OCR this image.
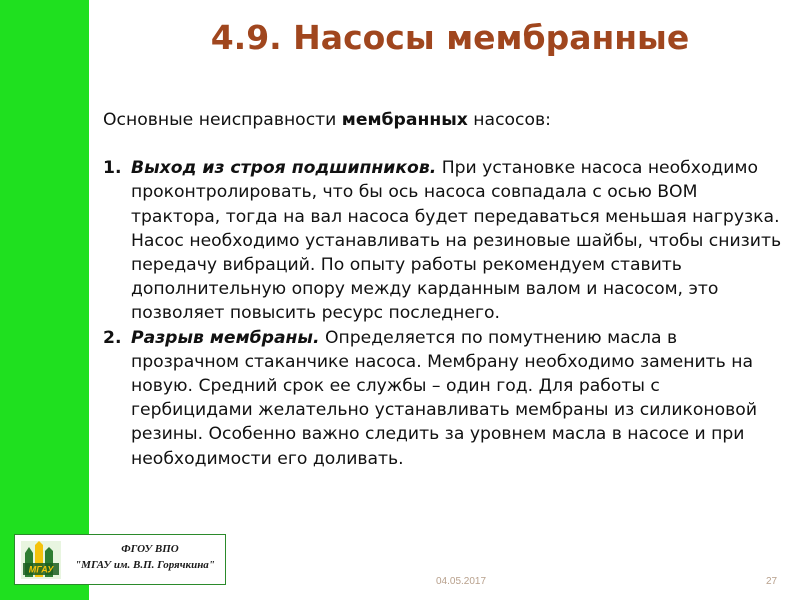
4.9. Насосы мембранные

Основные неисправности мембранных насосов:

1. Выход из строя подшипников. При установке насоса необходимо проконтролировать, что бы ось насоса совпадала с осью ВОМ трактора, тогда на вал насоса будет передаваться меньшая нагрузка. Насос необходимо устанавливать на резиновые шайбы, чтобы снизить передачу вибраций. По опыту работы рекомендуем ставить дополнительную опору между карданным валом и насосом, это позволяет повысить ресурс последнего.
2. Разрыв мембраны. Определяется по помутнению масла в прозрачном стаканчике насоса. Мембрану необходимо заменить на новую. Средний срок ее службы – один год. Для работы с гербицидами желательно устанавливать мембраны из силиконовой резины. Особенно важно следить за уровнем масла в насосе и при необходимости его доливать.
МГАУ
ФГОУ ВПО
"МГАУ им. В.П. Горячкина"
04.05.2017	27
